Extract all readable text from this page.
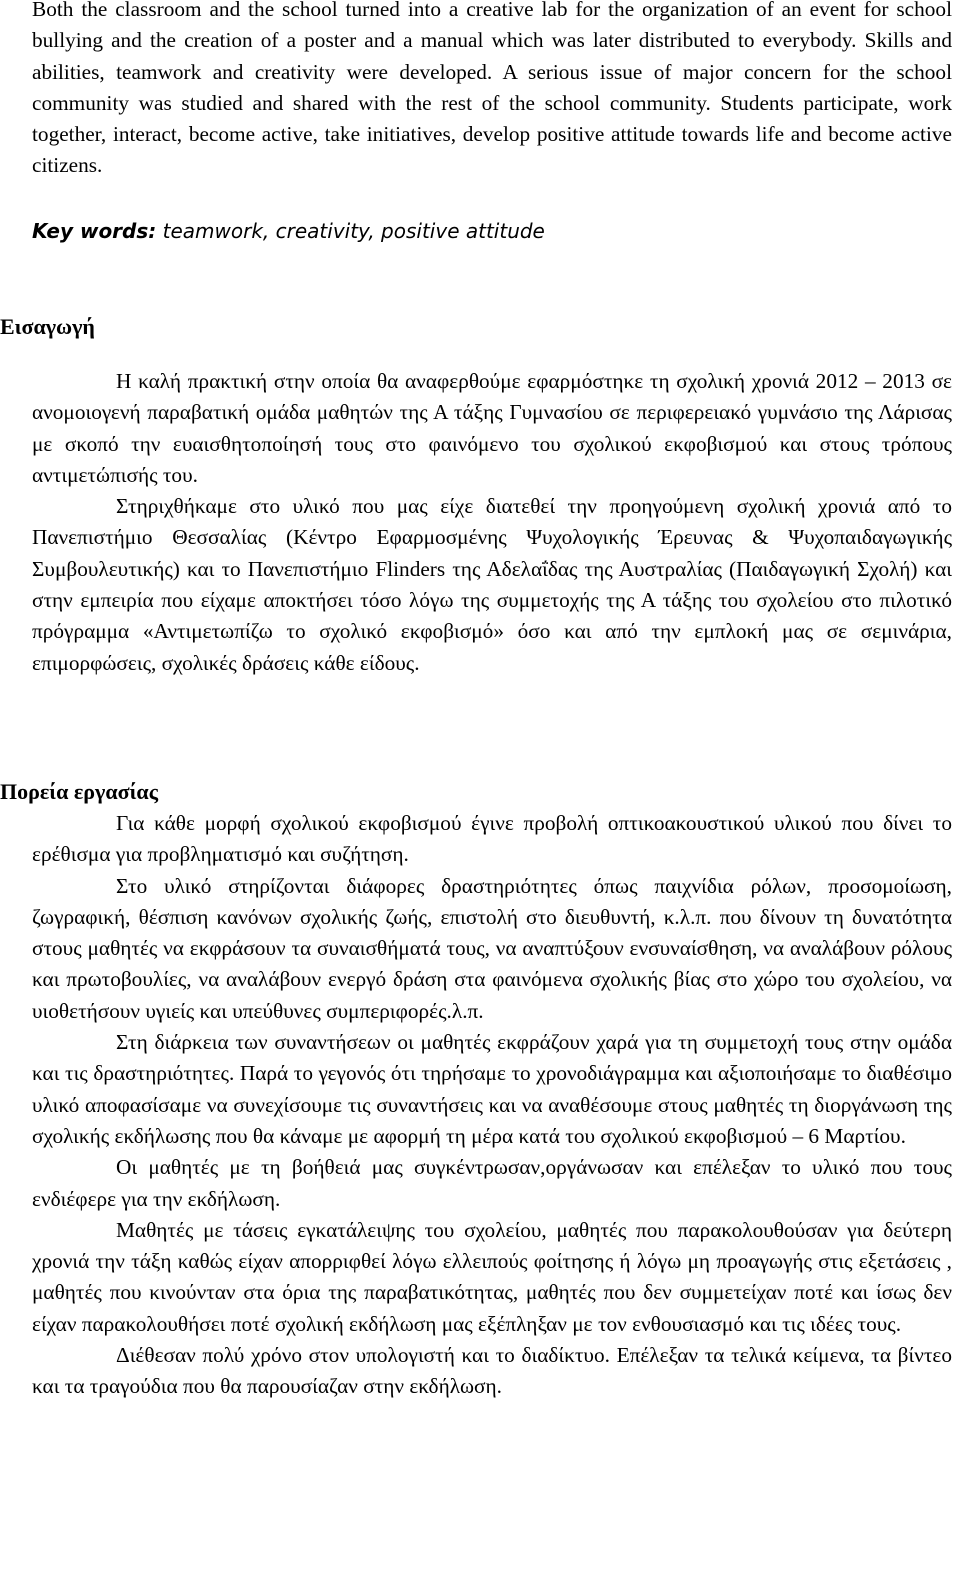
Both the classroom and the school turned into a creative lab for the organization of an event for school bullying and the creation of a poster and a manual which was later distributed to everybody. Skills and abilities, teamwork and creativity were developed. A serious issue of major concern for the school community was studied and shared with the rest of the school community. Students participate, work together, interact, become active, take initiatives, develop positive attitude towards life and become active citizens.

Key words: teamwork, creativity, positive attitude

Εισαγωγή

Η καλή πρακτική στην οποία θα αναφερθούμε εφαρμόστηκε τη σχολική χρονιά 2012 – 2013 σε ανομοιογενή παραβατική ομάδα μαθητών της Α τάξης Γυμνασίου σε περιφερειακό γυμνάσιο της Λάρισας με σκοπό την ευαισθητοποίησή τους στο φαινόμενο του σχολικού εκφοβισμού και στους τρόπους αντιμετώπισής του.

Στηριχθήκαμε στο υλικό που μας είχε διατεθεί την προηγούμενη σχολική χρονιά από το Πανεπιστήμιο Θεσσαλίας (Κέντρο Εφαρμοσμένης Ψυχολογικής Έρευνας & Ψυχοπαιδαγωγικής Συμβουλευτικής) και το Πανεπιστήμιο Flinders της Αδελαΐδας της Αυστραλίας (Παιδαγωγική Σχολή) και στην εμπειρία που είχαμε αποκτήσει τόσο λόγω της συμμετοχής της Α τάξης του σχολείου στο πιλοτικό πρόγραμμα «Αντιμετωπίζω το σχολικό εκφοβισμό» όσο και από την εμπλοκή μας σε σεμινάρια, επιμορφώσεις, σχολικές δράσεις κάθε είδους.

Πορεία εργασίας

Για κάθε μορφή σχολικού εκφοβισμού έγινε προβολή οπτικοακουστικού υλικού που δίνει το ερέθισμα για προβληματισμό και συζήτηση.

Στο υλικό στηρίζονται διάφορες δραστηριότητες όπως παιχνίδια ρόλων, προσομοίωση, ζωγραφική, θέσπιση κανόνων σχολικής ζωής, επιστολή στο διευθυντή, κ.λ.π. που δίνουν τη δυνατότητα στους μαθητές να εκφράσουν τα συναισθήματά τους, να αναπτύξουν ενσυναίσθηση, να αναλάβουν ρόλους και πρωτοβουλίες, να αναλάβουν ενεργό δράση στα φαινόμενα σχολικής βίας στο χώρο του σχολείου, να υιοθετήσουν υγιείς και υπεύθυνες συμπεριφορές.λ.π.

Στη διάρκεια των συναντήσεων οι μαθητές εκφράζουν χαρά για τη συμμετοχή τους στην ομάδα και τις δραστηριότητες. Παρά το γεγονός ότι τηρήσαμε το χρονοδιάγραμμα και αξιοποιήσαμε το διαθέσιμο υλικό αποφασίσαμε να συνεχίσουμε τις συναντήσεις και να αναθέσουμε στους μαθητές τη διοργάνωση της σχολικής εκδήλωσης που θα κάναμε με αφορμή τη μέρα κατά του σχολικού εκφοβισμού – 6 Μαρτίου.

Οι μαθητές με τη βοήθειά μας συγκέντρωσαν,οργάνωσαν και επέλεξαν το υλικό που τους ενδιέφερε για την εκδήλωση.

Μαθητές με τάσεις εγκατάλειψης του σχολείου, μαθητές που παρακολουθούσαν για δεύτερη χρονιά την τάξη καθώς είχαν απορριφθεί λόγω ελλειπούς φοίτησης ή λόγω μη προαγωγής στις εξετάσεις , μαθητές που κινούνταν στα όρια της παραβατικότητας, μαθητές που δεν συμμετείχαν ποτέ και ίσως δεν είχαν παρακολουθήσει ποτέ σχολική εκδήλωση μας εξέπληξαν με τον ενθουσιασμό και τις ιδέες τους.

Διέθεσαν πολύ χρόνο στον υπολογιστή και το διαδίκτυο. Επέλεξαν τα τελικά κείμενα, τα βίντεο και τα τραγούδια που θα παρουσίαζαν στην εκδήλωση.
